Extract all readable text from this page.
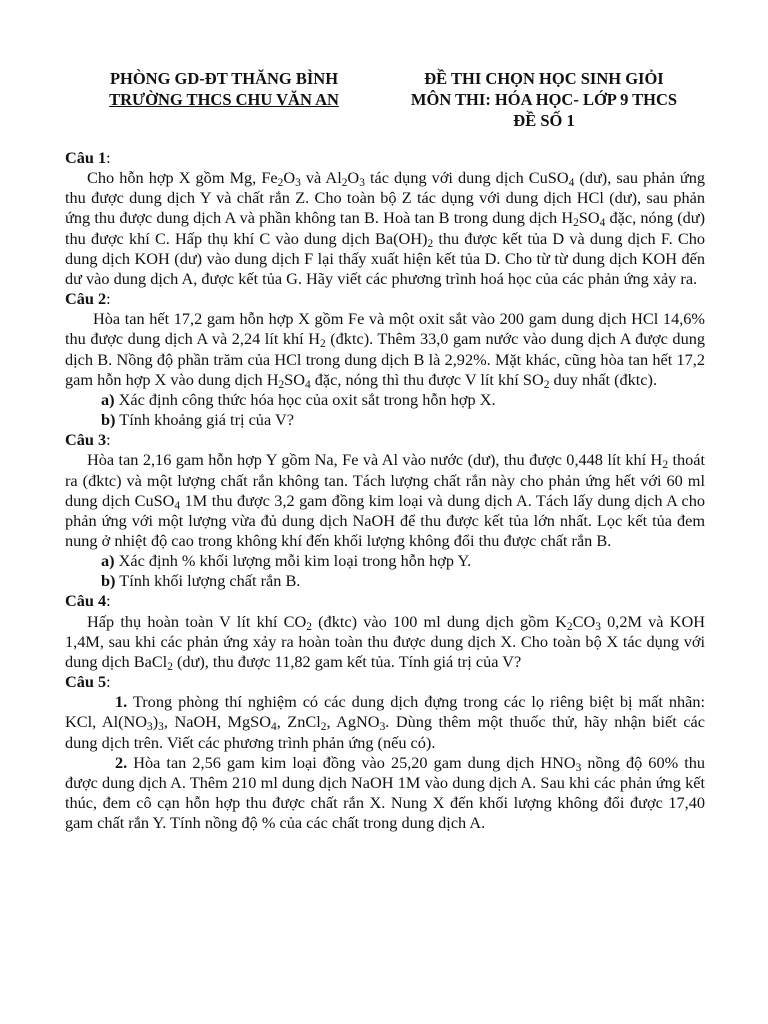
PHÒNG GD-ĐT THĂNG BÌNH
TRƯỜNG THCS CHU VĂN AN
ĐỀ THI CHỌN HỌC SINH GIỎI
MÔN THI: HÓA HỌC- LỚP 9 THCS
ĐỀ SỐ 1

Câu 1:

Cho hỗn hợp X gồm Mg, $Fe_2O_3$ và $Al_2O_3$ tác dụng với dung dịch CuSO$_4$ (dư), sau phản ứng thu được dung dịch Y và chất rắn Z. Cho toàn bộ Z tác dụng với dung dịch HCl (dư), sau phản ứng thu được dung dịch A và phần không tan B. Hoà tan B trong dung dịch $H_2SO_4$ đặc, nóng (dư) thu được khí C. Hấp thụ khí C vào dung dịch $Ba(OH)_2$ thu được kết tủa D và dung dịch F. Cho dung dịch KOH (dư) vào dung dịch F lại thấy xuất hiện kết tủa D. Cho từ từ dung dịch KOH đến dư vào dung dịch A, được kết tủa G. Hãy viết các phương trình hoá học của các phản ứng xảy ra.

Câu 2:

Hòa tan hết 17,2 gam hỗn hợp X gồm Fe và một oxit sắt vào 200 gam dung dịch HCl 14,6% thu được dung dịch A và 2,24 lít khí $H_2$ (đktc). Thêm 33,0 gam nước vào dung dịch A được dung dịch B. Nồng độ phần trăm của HCl trong dung dịch B là 2,92%. Mặt khác, cũng hòa tan hết 17,2 gam hỗn hợp X vào dung dịch $H_2SO_4$ đặc, nóng thì thu được V lít khí $SO_2$ duy nhất (đktc).

a) Xác định công thức hóa học của oxit sắt trong hỗn hợp X.

b) Tính khoảng giá trị của V?

Câu 3:

Hòa tan 2,16 gam hỗn hợp Y gồm Na, Fe và Al vào nước (dư), thu được 0,448 lít khí $H_2$ thoát ra (đktc) và một lượng chất rắn không tan. Tách lượng chất rắn này cho phản ứng hết với 60 ml dung dịch CuSO$_4$ 1M thu được 3,2 gam đồng kim loại và dung dịch A. Tách lấy dung dịch A cho phản ứng với một lượng vừa đủ dung dịch NaOH để thu được kết tủa lớn nhất. Lọc kết tủa đem nung ở nhiệt độ cao trong không khí đến khối lượng không đổi thu được chất rắn B.

a) Xác định % khối lượng mỗi kim loại trong hỗn hợp Y.

b) Tính khối lượng chất rắn B.

Câu 4:

Hấp thụ hoàn toàn V lít khí $CO_2$ (đktc) vào 100 ml dung dịch gồm $K_2CO_3$ 0,2M và KOH 1,4M, sau khi các phản ứng xảy ra hoàn toàn thu được dung dịch X. Cho toàn bộ X tác dụng với dung dịch BaCl$_2$ (dư), thu được 11,82 gam kết tủa. Tính giá trị của V?

Câu 5:

1. Trong phòng thí nghiệm có các dung dịch đựng trong các lọ riêng biệt bị mất nhãn: KCl, $Al(NO_3)_3$, NaOH, MgSO$_4$, ZnCl$_2$, AgNO$_3$. Dùng thêm một thuốc thử, hãy nhận biết các dung dịch trên. Viết các phương trình phản ứng (nếu có).

2. Hòa tan 2,56 gam kim loại đồng vào 25,20 gam dung dịch $HNO_3$ nồng độ 60% thu được dung dịch A. Thêm 210 ml dung dịch NaOH 1M vào dung dịch A. Sau khi các phản ứng kết thúc, đem cô cạn hỗn hợp thu được chất rắn X. Nung X đến khối lượng không đổi được 17,40 gam chất rắn Y. Tính nồng độ % của các chất trong dung dịch A.
